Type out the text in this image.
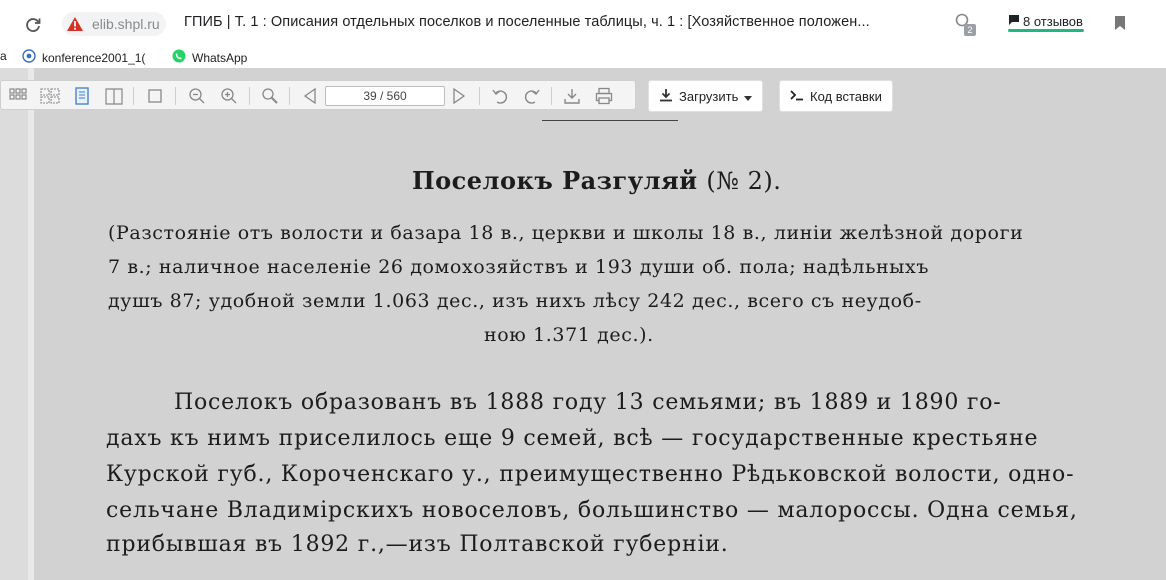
elib.shpl.ru	ГПИБ | Т. 1 : Описания отдельных поселков и поселенные таблицы, ч. 1 : [Хозяйственное положен...	2
8 отзывов
а	konference2001_1(	WhatsApp
Поселокъ Разгуляй (№ 2).
(Разстояніе отъ волости и базара 18 в., церкви и школы 18 в., линіи желѣзной дороги
7 в.; наличное населеніе 26 домохозяйствъ и 193 души об. пола; надѣльныхъ
душъ 87; удобной земли 1.063 дес., изъ нихъ лѣсу 242 дес., всего съ неудоб-
ною 1.371 дес.).
Поселокъ образованъ въ 1888 году 13 семьями; въ 1889 и 1890 го-
дахъ къ нимъ приселилось еще 9 семей, всѣ — государственные крестьяне
Курской губ., Короченскаго у., преимущественно Рѣдьковской волости, одно-
сельчане Владимірскихъ новоселовъ, большинство — малороссы. Одна семья,
прибывшая въ 1892 г.,—изъ Полтавской губерніи.
39 / 560	Загрузить	Код вставки
